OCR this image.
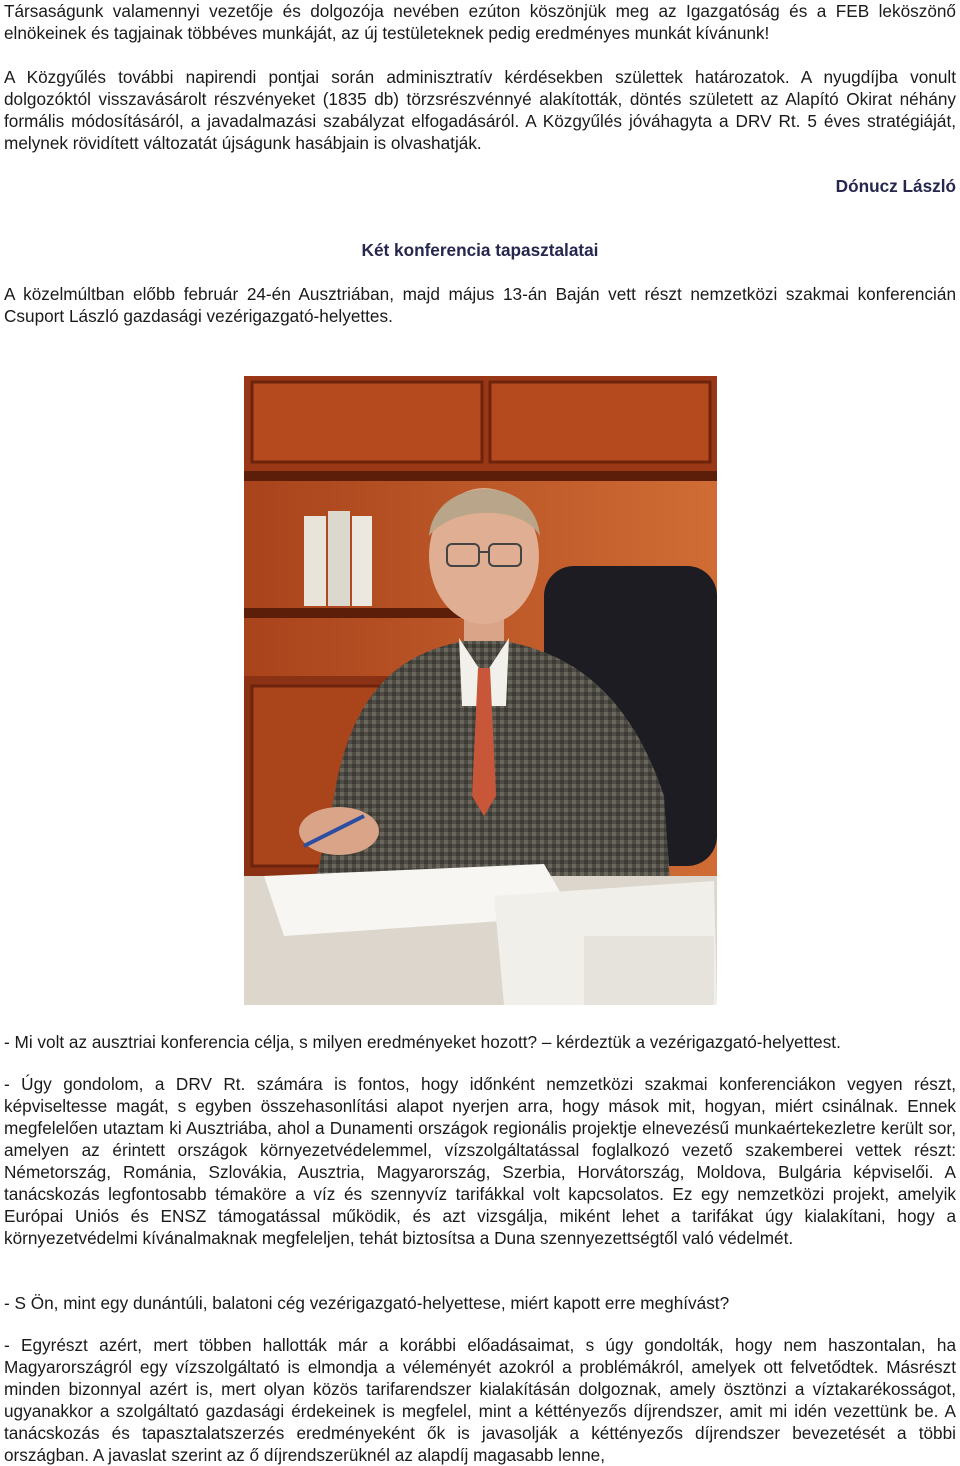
Társaságunk valamennyi vezetője és dolgozója nevében ezúton köszönjük meg az Igazgatóság és a FEB leköszönő elnökeinek és tagjainak többéves munkáját, az új testületeknek pedig eredményes munkát kívánunk!

A Közgyűlés további napirendi pontjai során adminisztratív kérdésekben születtek határozatok. A nyugdíjba vonult dolgozóktól visszavásárolt részvényeket (1835 db) törzsrészvénnyé alakították, döntés született az Alapító Okirat néhány formális módosításáról, a javadalmazási szabályzat elfogadásáról. A Közgyűlés jóváhagyta a DRV Rt. 5 éves stratégiáját, melynek rövidített változatát újságunk hasábjain is olvashatják.

Dónucz László
Két konferencia tapasztalatai

A közelmúltban előbb február 24-én Ausztriában, majd május 13-án Baján vett részt nemzetközi szakmai konferencián Csuport László gazdasági vezérigazgató-helyettes.

- Mi volt az ausztriai konferencia célja, s milyen eredményeket hozott? – kérdeztük a vezérigazgató-helyettest.

- Úgy gondolom, a DRV Rt. számára is fontos, hogy időnként nemzetközi szakmai konferenciákon vegyen részt, képviseltesse magát, s egyben összehasonlítási alapot nyerjen arra, hogy mások mit, hogyan, miért csinálnak. Ennek megfelelően utaztam ki Ausztriába, ahol a Dunamenti országok regionális projektje elnevezésű munkaértekezletre került sor, amelyen az érintett országok környezetvédelemmel, vízszolgáltatással foglalkozó vezető szakemberei vettek részt: Németország, Románia, Szlovákia, Ausztria, Magyarország, Szerbia, Horvátország, Moldova, Bulgária képviselői. A tanácskozás legfontosabb témaköre a víz és szennyvíz tarifákkal volt kapcsolatos. Ez egy nemzetközi projekt, amelyik Európai Uniós és ENSZ támogatással működik, és azt vizsgálja, miként lehet a tarifákat úgy kialakítani, hogy a környezetvédelmi kívánalmaknak megfeleljen, tehát biztosítsa a Duna szennyezettségtől való védelmét.

- S Ön, mint egy dunántúli, balatoni cég vezérigazgató-helyettese, miért kapott erre meghívást?

- Egyrészt azért, mert többen hallották már a korábbi előadásaimat, s úgy gondolták, hogy nem haszontalan, ha Magyarországról egy vízszolgáltató is elmondja a véleményét azokról a problémákról, amelyek ott felvetődtek. Másrészt minden bizonnyal azért is, mert olyan közös tarifarendszer kialakításán dolgoznak, amely ösztönzi a víztakarékosságot, ugyanakkor a szolgáltató gazdasági érdekeinek is megfelel, mint a kéttényezős díjrendszer, amit mi idén vezettünk be. A tanácskozás és tapasztalatszerzés eredményeként ők is javasolják a kéttényezős díjrendszer bevezetését a többi országban. A javaslat szerint az ő díjrendszerüknél az alapdíj magasabb lenne,
